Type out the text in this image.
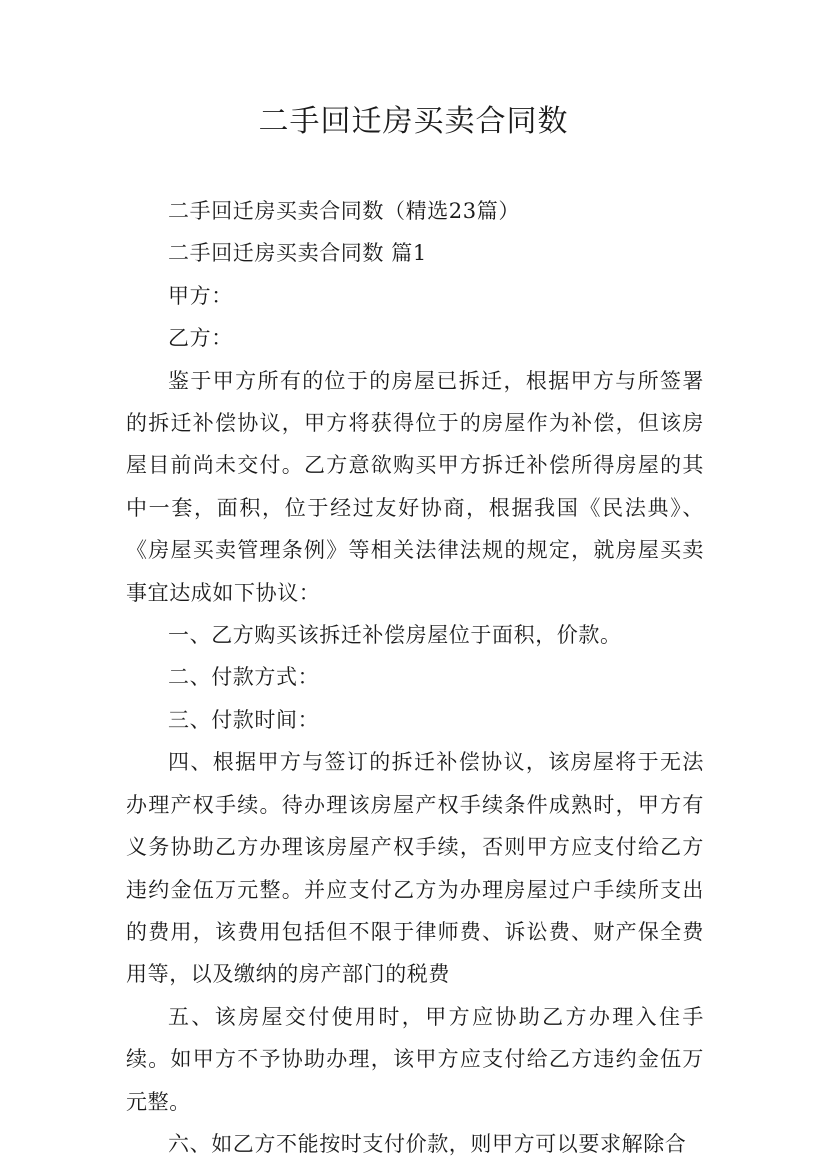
二手回迁房买卖合同数

二手回迁房买卖合同数（精选23篇）

二手回迁房买卖合同数 篇1

甲方：

乙方：

鉴于甲方所有的位于的房屋已拆迁，根据甲方与所签署的拆迁补偿协议，甲方将获得位于的房屋作为补偿，但该房屋目前尚未交付。乙方意欲购买甲方拆迁补偿所得房屋的其中一套，面积，位于经过友好协商，根据我国《民法典》、《房屋买卖管理条例》等相关法律法规的规定，就房屋买卖事宜达成如下协议：

一、乙方购买该拆迁补偿房屋位于面积，价款。

二、付款方式：

三、付款时间：

四、根据甲方与签订的拆迁补偿协议，该房屋将于无法办理产权手续。待办理该房屋产权手续条件成熟时，甲方有义务协助乙方办理该房屋产权手续，否则甲方应支付给乙方违约金伍万元整。并应支付乙方为办理房屋过户手续所支出的费用，该费用包括但不限于律师费、诉讼费、财产保全费用等，以及缴纳的房产部门的税费

五、该房屋交付使用时，甲方应协助乙方办理入住手续。如甲方不予协助办理，该甲方应支付给乙方违约金伍万元整。

六、如乙方不能按时支付价款，则甲方可以要求解除合
